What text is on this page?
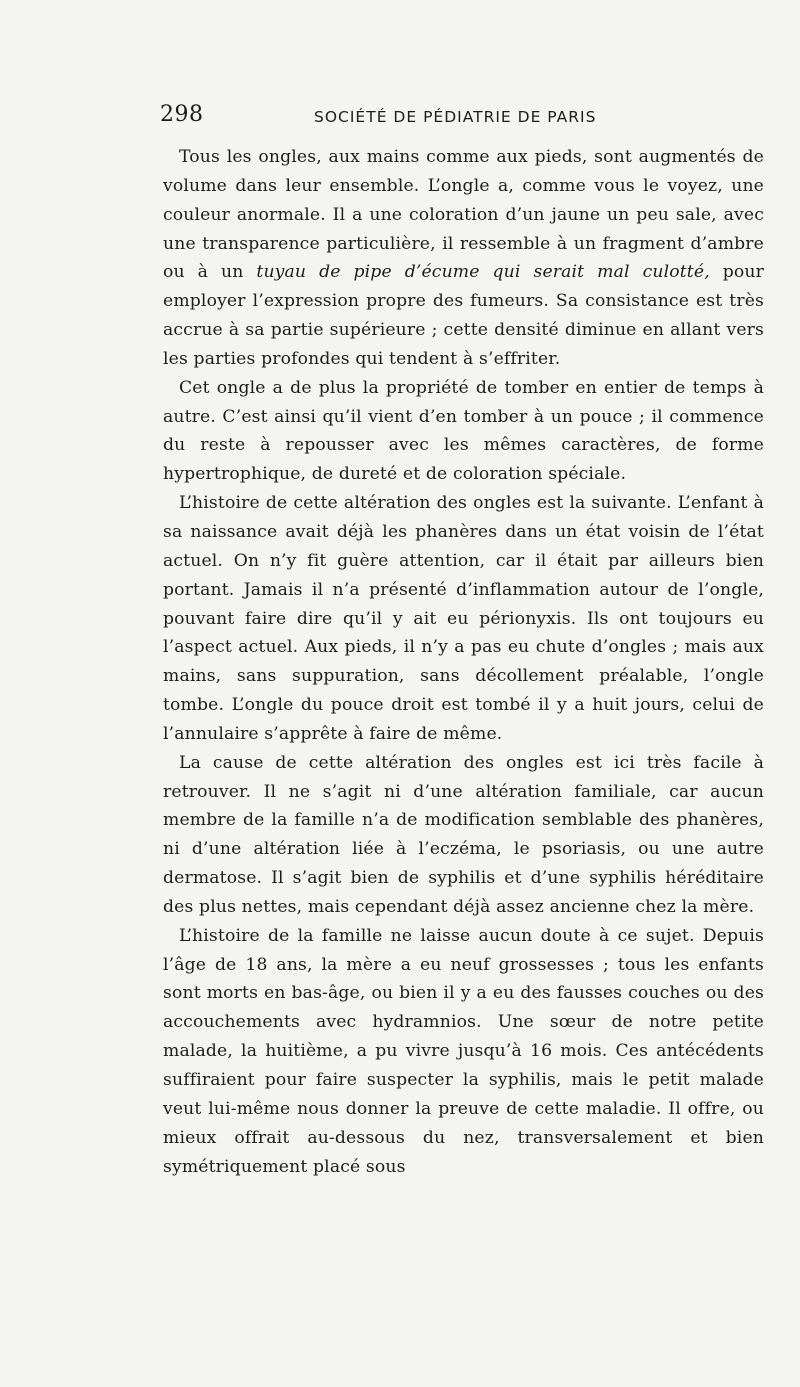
298	SOCIÉTÉ DE PÉDIATRIE DE PARIS

Tous les ongles, aux mains comme aux pieds, sont augmentés de volume dans leur ensemble. L’ongle a, comme vous le voyez, une couleur anormale. Il a une coloration d’un jaune un peu sale, avec une transparence particulière, il ressemble à un fragment d’ambre ou à un tuyau de pipe d’écume qui serait mal culotté, pour employer l’expression propre des fumeurs. Sa consistance est très accrue à sa partie supérieure ; cette densité diminue en allant vers les parties profondes qui tendent à s’effriter.

Cet ongle a de plus la propriété de tomber en entier de temps à autre. C’est ainsi qu’il vient d’en tomber à un pouce ; il commence du reste à repousser avec les mêmes caractères, de forme hypertrophique, de dureté et de coloration spéciale.

L’histoire de cette altération des ongles est la suivante. L’enfant à sa naissance avait déjà les phanères dans un état voisin de l’état actuel. On n’y fit guère attention, car il était par ailleurs bien portant. Jamais il n’a présenté d’inflammation autour de l’ongle, pouvant faire dire qu’il y ait eu périonyxis. Ils ont toujours eu l’aspect actuel. Aux pieds, il n’y a pas eu chute d’ongles ; mais aux mains, sans suppuration, sans décollement préalable, l’ongle tombe. L’ongle du pouce droit est tombé il y a huit jours, celui de l’annulaire s’apprête à faire de même.

La cause de cette altération des ongles est ici très facile à retrouver. Il ne s’agit ni d’une altération familiale, car aucun membre de la famille n’a de modification semblable des phanères, ni d’une altération liée à l’eczéma, le psoriasis, ou une autre dermatose. Il s’agit bien de syphilis et d’une syphilis héréditaire des plus nettes, mais cependant déjà assez ancienne chez la mère.

L’histoire de la famille ne laisse aucun doute à ce sujet. Depuis l’âge de 18 ans, la mère a eu neuf grossesses ; tous les enfants sont morts en bas-âge, ou bien il y a eu des fausses couches ou des accouchements avec hydramnios. Une sœur de notre petite malade, la huitième, a pu vivre jusqu’à 16 mois. Ces antécédents suffiraient pour faire suspecter la syphilis, mais le petit malade veut lui-même nous donner la preuve de cette maladie. Il offre, ou mieux offrait au-dessous du nez, transversalement et bien symétriquement placé sous
